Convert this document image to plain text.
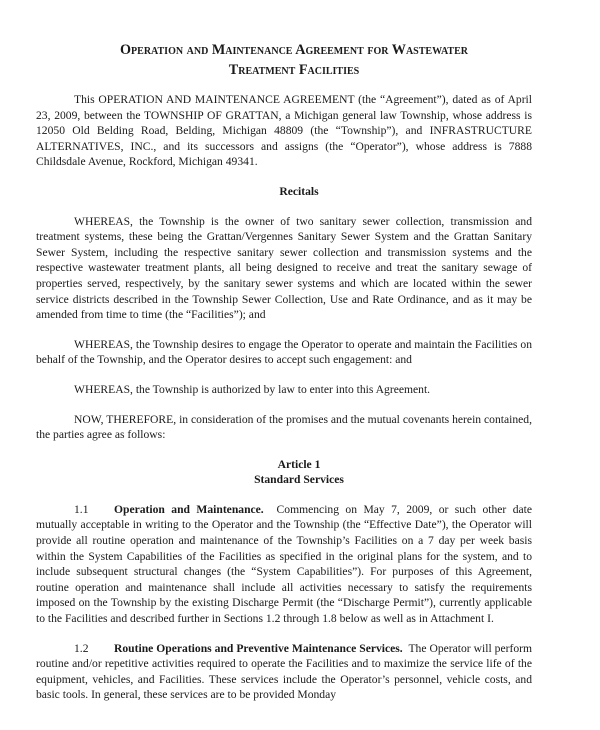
Operation and Maintenance Agreement for Wastewater
Treatment Facilities

This OPERATION AND MAINTENANCE AGREEMENT (the “Agreement”), dated as of April 23, 2009, between the TOWNSHIP OF GRATTAN, a Michigan general law Township, whose address is 12050 Old Belding Road, Belding, Michigan 48809 (the “Township”), and INFRASTRUCTURE ALTERNATIVES, INC., and its successors and assigns (the “Operator”), whose address is 7888 Childsdale Avenue, Rockford, Michigan 49341.

Recitals

WHEREAS, the Township is the owner of two sanitary sewer collection, transmission and treatment systems, these being the Grattan/Vergennes Sanitary Sewer System and the Grattan Sanitary Sewer System, including the respective sanitary sewer collection and transmission systems and the respective wastewater treatment plants, all being designed to receive and treat the sanitary sewage of properties served, respectively, by the sanitary sewer systems and which are located within the sewer service districts described in the Township Sewer Collection, Use and Rate Ordinance, and as it may be amended from time to time (the “Facilities”); and

WHEREAS, the Township desires to engage the Operator to operate and maintain the Facilities on behalf of the Township, and the Operator desires to accept such engagement: and

WHEREAS, the Township is authorized by law to enter into this Agreement.

NOW, THEREFORE, in consideration of the promises and the mutual covenants herein contained, the parties agree as follows:

Article 1
Standard Services

1.1 Operation and Maintenance. Commencing on May 7, 2009, or such other date mutually acceptable in writing to the Operator and the Township (the “Effective Date”), the Operator will provide all routine operation and maintenance of the Township’s Facilities on a 7 day per week basis within the System Capabilities of the Facilities as specified in the original plans for the system, and to include subsequent structural changes (the “System Capabilities”). For purposes of this Agreement, routine operation and maintenance shall include all activities necessary to satisfy the requirements imposed on the Township by the existing Discharge Permit (the “Discharge Permit”), currently applicable to the Facilities and described further in Sections 1.2 through 1.8 below as well as in Attachment I.

1.2 Routine Operations and Preventive Maintenance Services. The Operator will perform routine and/or repetitive activities required to operate the Facilities and to maximize the service life of the equipment, vehicles, and Facilities. These services include the Operator’s personnel, vehicle costs, and basic tools. In general, these services are to be provided Monday
